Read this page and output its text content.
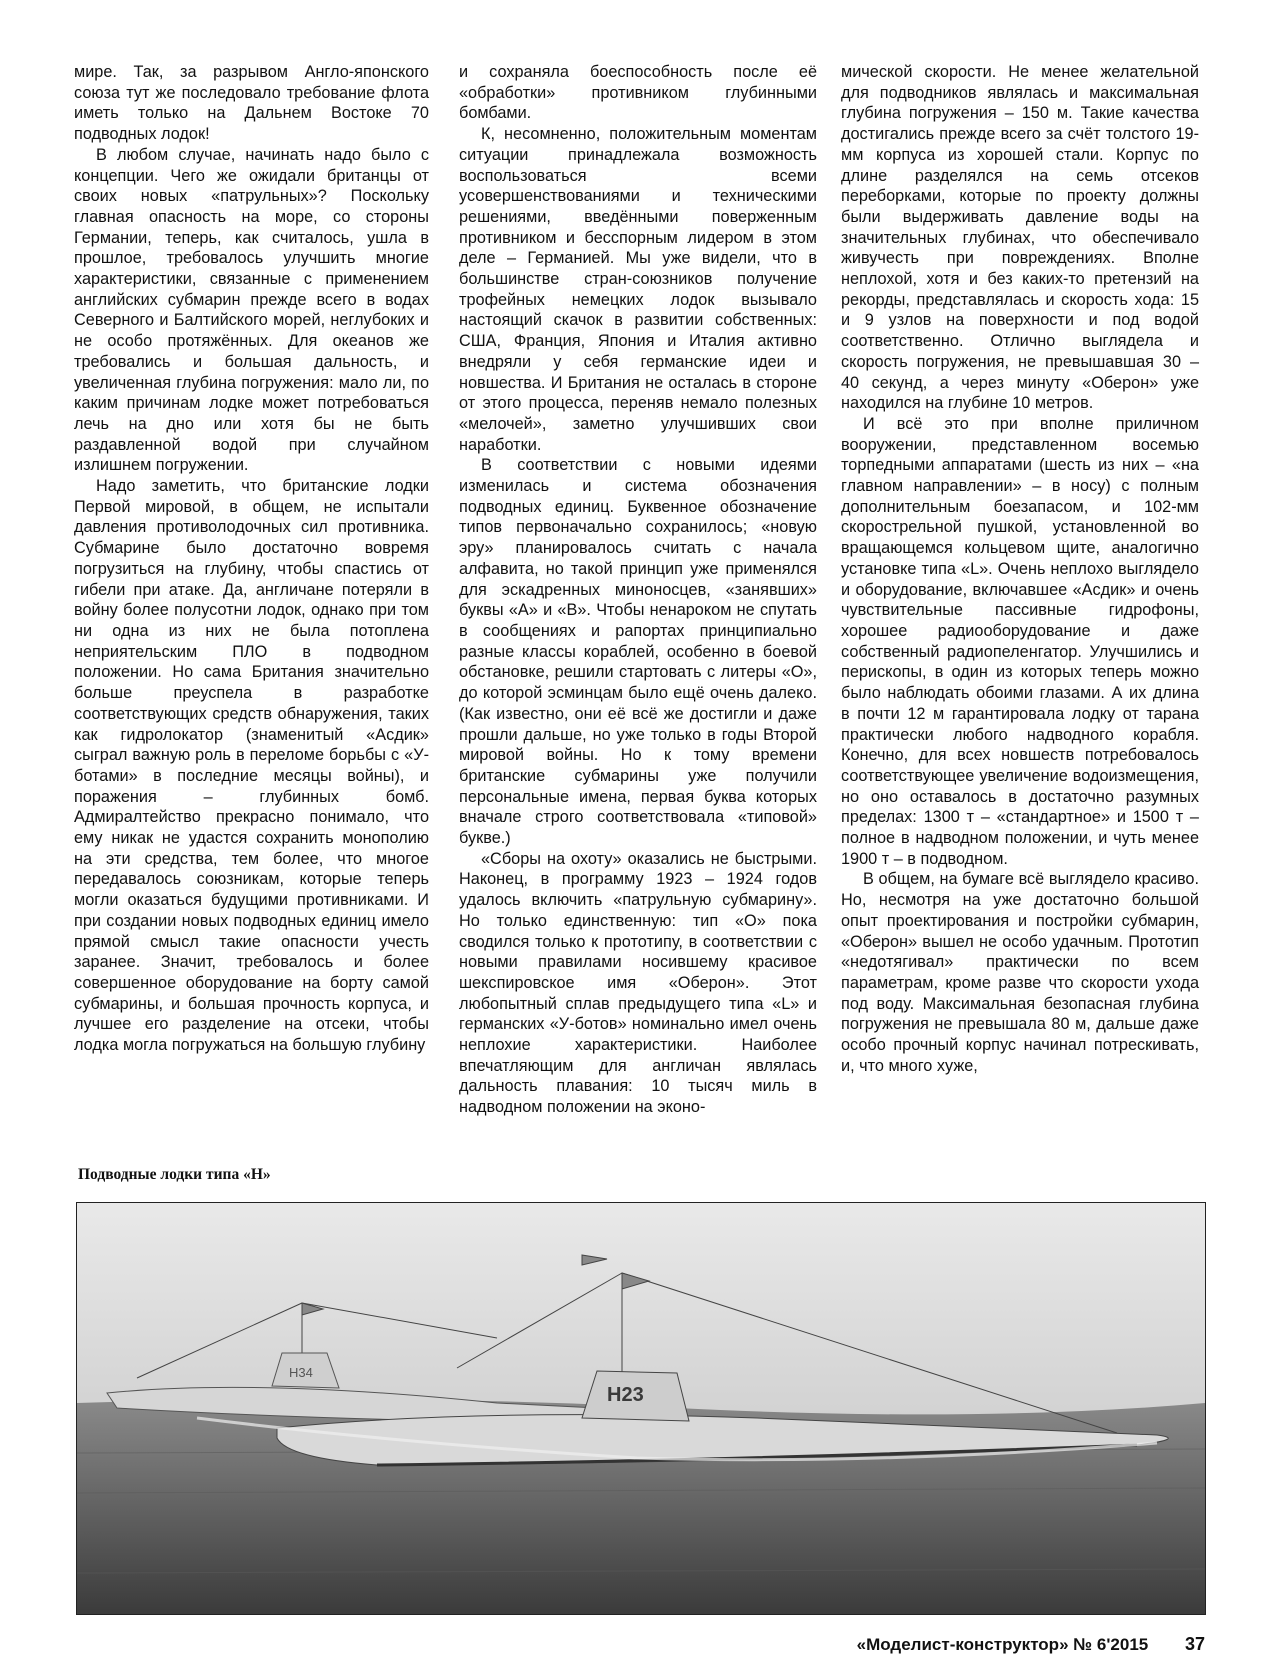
мире. Так, за разрывом Англо-японского союза тут же последовало требование флота иметь только на Дальнем Востоке 70 подводных лодок!

В любом случае, начинать надо было с концепции. Чего же ожидали британцы от своих новых «патрульных»? Поскольку главная опасность на море, со стороны Германии, теперь, как считалось, ушла в прошлое, требовалось улучшить многие характеристики, связанные с применением английских субмарин прежде всего в водах Северного и Балтийского морей, неглубоких и не особо протяжённых. Для океанов же требовались и большая дальность, и увеличенная глубина погружения: мало ли, по каким причинам лодке может потребоваться лечь на дно или хотя бы не быть раздавленной водой при случайном излишнем погружении.

Надо заметить, что британские лодки Первой мировой, в общем, не испытали давления противолодочных сил противника. Субмарине было достаточно вовремя погрузиться на глубину, чтобы спастись от гибели при атаке. Да, англичане потеряли в войну более полусотни лодок, однако при том ни одна из них не была потоплена неприятельским ПЛО в подводном положении. Но сама Британия значительно больше преуспела в разработке соответствующих средств обнаружения, таких как гидролокатор (знаменитый «Асдик» сыграл важную роль в переломе борьбы с «У-ботами» в последние месяцы войны), и поражения – глубинных бомб. Адмиралтейство прекрасно понимало, что ему никак не удастся сохранить монополию на эти средства, тем более, что многое передавалось союзникам, которые теперь могли оказаться будущими противниками. И при создании новых подводных единиц имело прямой смысл такие опасности учесть заранее. Значит, требовалось и более совершенное оборудование на борту самой субмарины, и большая прочность корпуса, и лучшее его разделение на отсеки, чтобы лодка могла погружаться на большую глубину

и сохраняла боеспособность после её «обработки» противником глубинными бомбами.

К, несомненно, положительным моментам ситуации принадлежала возможность воспользоваться всеми усовершенствованиями и техническими решениями, введёнными поверженным противником и бесспорным лидером в этом деле – Германией. Мы уже видели, что в большинстве стран-союзников получение трофейных немецких лодок вызывало настоящий скачок в развитии собственных: США, Франция, Япония и Италия активно внедряли у себя германские идеи и новшества. И Британия не осталась в стороне от этого процесса, переняв немало полезных «мелочей», заметно улучшивших свои наработки.

В соответствии с новыми идеями изменилась и система обозначения подводных единиц. Буквенное обозначение типов первоначально сохранилось; «новую эру» планировалось считать с начала алфавита, но такой принцип уже применялся для эскадренных миноносцев, «занявших» буквы «А» и «В». Чтобы ненароком не спутать в сообщениях и рапортах принципиально разные классы кораблей, особенно в боевой обстановке, решили стартовать с литеры «О», до которой эсминцам было ещё очень далеко. (Как известно, они её всё же достигли и даже прошли дальше, но уже только в годы Второй мировой войны. Но к тому времени британские субмарины уже получили персональные имена, первая буква которых вначале строго соответствовала «типовой» букве.)

«Сборы на охоту» оказались не быстрыми. Наконец, в программу 1923 – 1924 годов удалось включить «патрульную субмарину». Но только единственную: тип «О» пока сводился только к прототипу, в соответствии с новыми правилами носившему красивое шекспировское имя «Оберон». Этот любопытный сплав предыдущего типа «L» и германских «У-ботов» номинально имел очень неплохие характеристики. Наиболее впечатляющим для англичан являлась дальность плавания: 10 тысяч миль в надводном положении на эконо-

мической скорости. Не менее желательной для подводников являлась и максимальная глубина погружения – 150 м. Такие качества достигались прежде всего за счёт толстого 19-мм корпуса из хорошей стали. Корпус по длине разделялся на семь отсеков переборками, которые по проекту должны были выдерживать давление воды на значительных глубинах, что обеспечивало живучесть при повреждениях. Вполне неплохой, хотя и без каких-то претензий на рекорды, представлялась и скорость хода: 15 и 9 узлов на поверхности и под водой соответственно. Отлично выглядела и скорость погружения, не превышавшая 30 – 40 секунд, а через минуту «Оберон» уже находился на глубине 10 метров.

И всё это при вполне приличном вооружении, представленном восемью торпедными аппаратами (шесть из них – «на главном направлении» – в носу) с полным дополнительным боезапасом, и 102-мм скорострельной пушкой, установленной во вращающемся кольцевом щите, аналогично установке типа «L». Очень неплохо выглядело и оборудование, включавшее «Асдик» и очень чувствительные пассивные гидрофоны, хорошее радиооборудование и даже собственный радиопеленгатор. Улучшились и перископы, в один из которых теперь можно было наблюдать обоими глазами. А их длина в почти 12 м гарантировала лодку от тарана практически любого надводного корабля. Конечно, для всех новшеств потребовалось соответствующее увеличение водоизмещения, но оно оставалось в достаточно разумных пределах: 1300 т – «стандартное» и 1500 т – полное в надводном положении, и чуть менее 1900 т – в подводном.

В общем, на бумаге всё выглядело красиво. Но, несмотря на уже достаточно большой опыт проектирования и постройки субмарин, «Оберон» вышел не особо удачным. Прототип «недотягивал» практически по всем параметрам, кроме разве что скорости ухода под воду. Максимальная безопасная глубина погружения не превышала 80 м, дальше даже особо прочный корпус начинал потрескивать, и, что много хуже,

Подводные лодки типа «Н»
H34
H23
«Моделист-конструктор» № 6'2015 37
